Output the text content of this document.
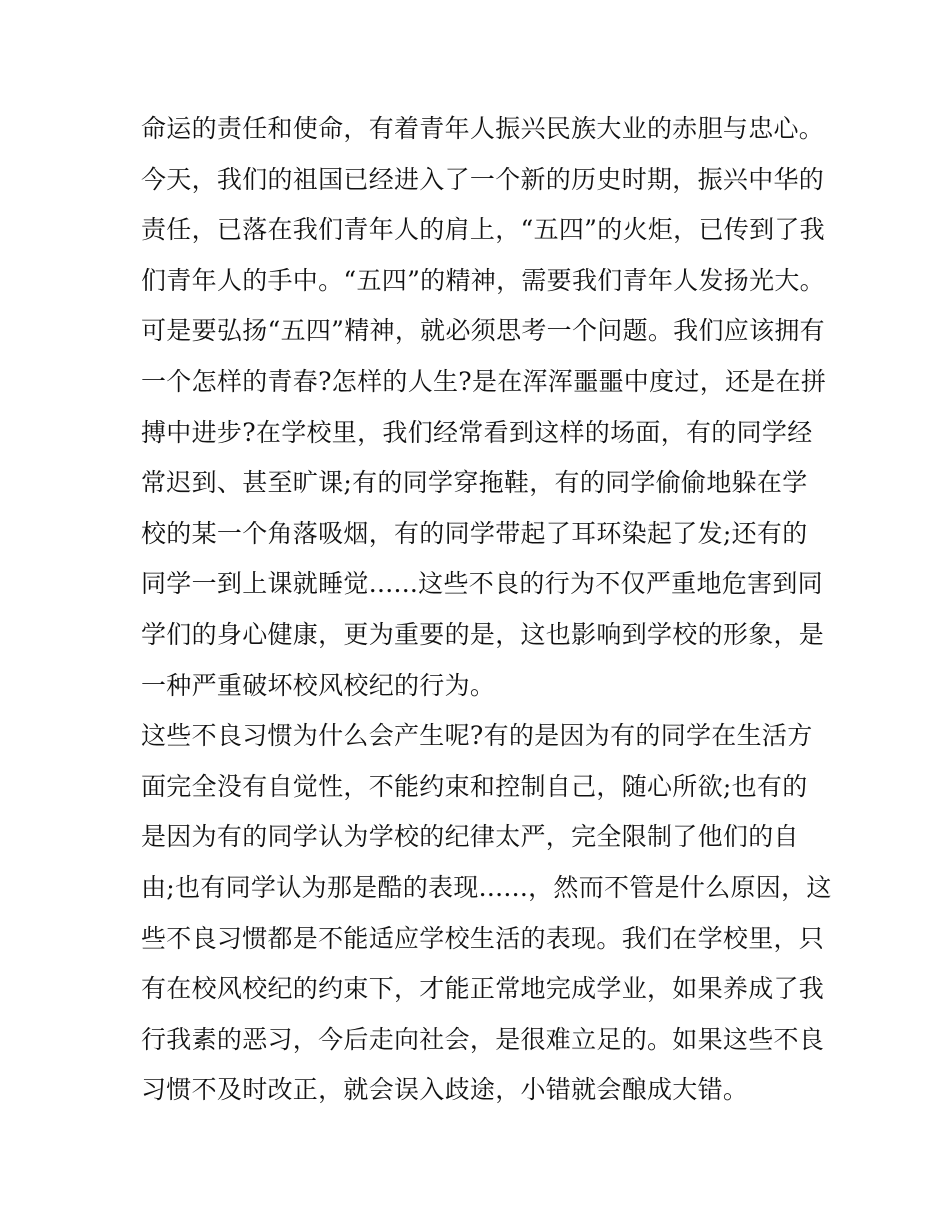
命运的责任和使命，有着青年人振兴民族大业的赤胆与忠心。
今天，我们的祖国已经进入了一个新的历史时期，振兴中华的
责任，已落在我们青年人的肩上，“五四”的火炬，已传到了我
们青年人的手中。“五四”的精神，需要我们青年人发扬光大。
可是要弘扬“五四”精神，就必须思考一个问题。我们应该拥有
一个怎样的青春?怎样的人生?是在浑浑噩噩中度过，还是在拼
搏中进步?在学校里，我们经常看到这样的场面，有的同学经
常迟到、甚至旷课;有的同学穿拖鞋，有的同学偷偷地躲在学
校的某一个角落吸烟，有的同学带起了耳环染起了发;还有的
同学一到上课就睡觉......这些不良的行为不仅严重地危害到同
学们的身心健康，更为重要的是，这也影响到学校的形象，是
一种严重破坏校风校纪的行为。
这些不良习惯为什么会产生呢?有的是因为有的同学在生活方
面完全没有自觉性，不能约束和控制自己，随心所欲;也有的
是因为有的同学认为学校的纪律太严，完全限制了他们的自
由;也有同学认为那是酷的表现......，然而不管是什么原因，这
些不良习惯都是不能适应学校生活的表现。我们在学校里，只
有在校风校纪的约束下，才能正常地完成学业，如果养成了我
行我素的恶习，今后走向社会，是很难立足的。如果这些不良
习惯不及时改正，就会误入歧途，小错就会酿成大错。
